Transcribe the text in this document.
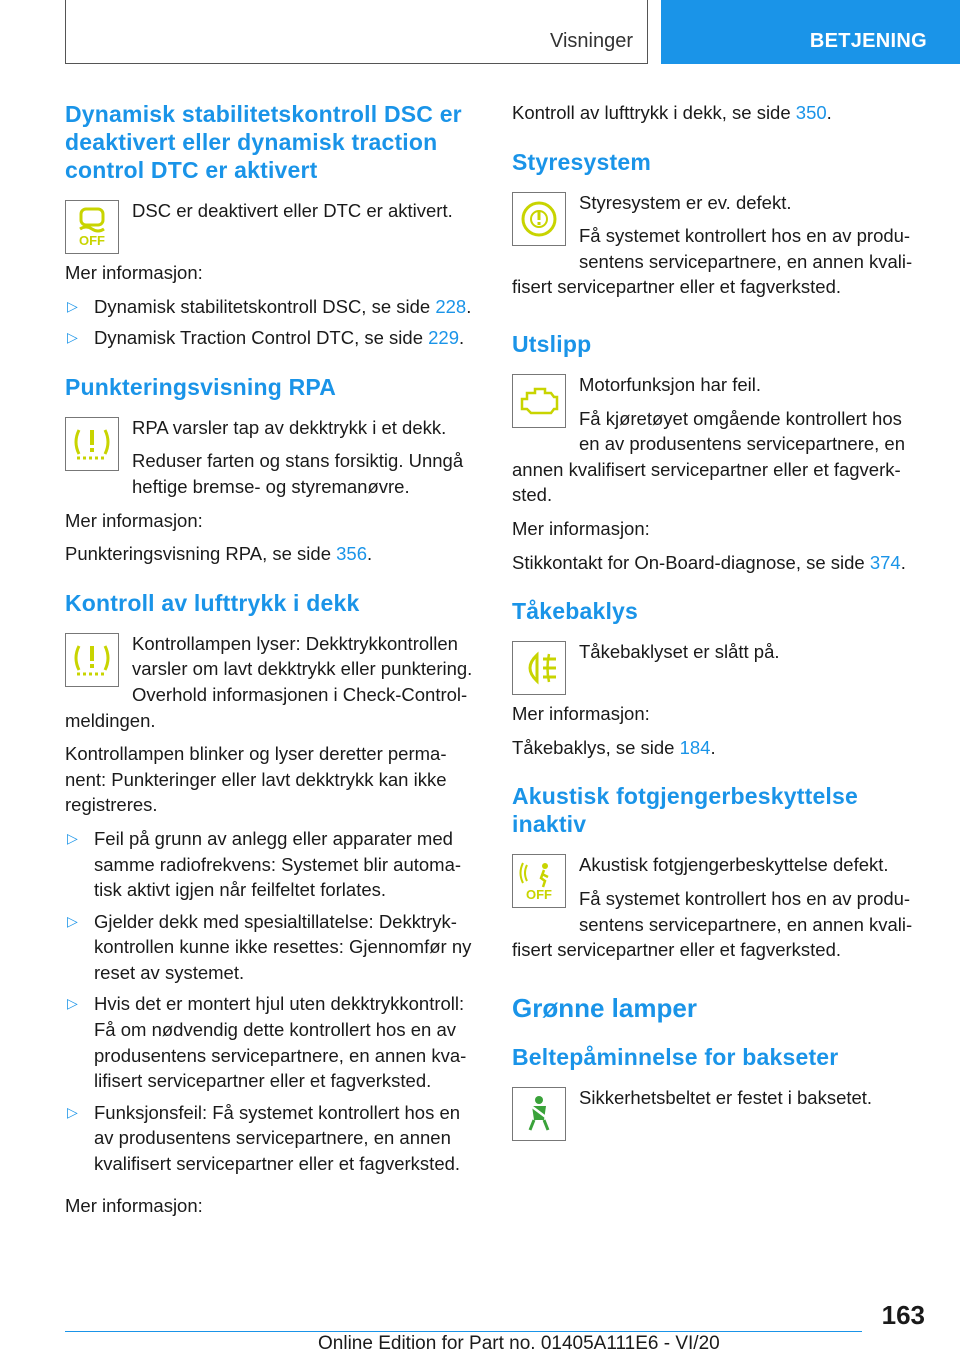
Visninger	BETJENING
Dynamisk stabilitetskontroll DSC er deaktivert eller dynamisk traction control DTC er aktivert
OFF

DSC er deaktivert eller DTC er aktivert.

Mer informasjon:

▷ Dynamisk stabilitetskontroll DSC, se side 228.
▷ Dynamisk Traction Control DTC, se side 229.
Punkteringsvisning RPA

RPA varsler tap av dekktrykk i et dekk.

Reduser farten og stans forsiktig. Unngå heftige bremse- og styremanøvre.

Mer informasjon:

Punkteringsvisning RPA, se side 356.

Kontroll av lufttrykk i dekk

Kontrollampen lyser: Dekktrykkontrollen varsler om lavt dekktrykk eller punktering. Overhold informasjonen i Check-Control-meldingen.

Kontrollampen blinker og lyser deretter perma-nent: Punkteringer eller lavt dekktrykk kan ikke registreres.

▷ Feil på grunn av anlegg eller apparater med samme radiofrekvens: Systemet blir automa-tisk aktivt igjen når feilfeltet forlates.
▷ Gjelder dekk med spesialtillatelse: Dekktryk-kontrollen kunne ikke resettes: Gjennomfør ny reset av systemet.
▷ Hvis det er montert hjul uten dekktrykkontroll: Få om nødvendig dette kontrollert hos en av produsentens servicepartnere, en annen kva-lifisert servicepartner eller et fagverksted.
▷ Funksjonsfeil: Få systemet kontrollert hos en av produsentens servicepartnere, en annen kvalifisert servicepartner eller et fagverksted.

Mer informasjon:

Kontroll av lufttrykk i dekk, se side 350.

Styresystem

Styresystem er ev. defekt.

Få systemet kontrollert hos en av produ-sentens servicepartnere, en annen kvali-fisert servicepartner eller et fagverksted.

Utslipp

Motorfunksjon har feil.

Få kjøretøyet omgående kontrollert hos en av produsentens servicepartnere, en annen kvalifisert servicepartner eller et fagverk-sted.

Mer informasjon:

Stikkontakt for On-Board-diagnose, se side 374.

Tåkebaklys

Tåkebaklyset er slått på.

Mer informasjon:

Tåkebaklys, se side 184.

Akustisk fotgjengerbeskyttelse inaktiv
OFF

Akustisk fotgjengerbeskyttelse defekt.

Få systemet kontrollert hos en av produ-sentens servicepartnere, en annen kvali-fisert servicepartner eller et fagverksted.

Grønne lamper
Beltepåminnelse for bakseter

Sikkerhetsbeltet er festet i baksetet.

163
Online Edition for Part no. 01405A111E6 - VI/20
